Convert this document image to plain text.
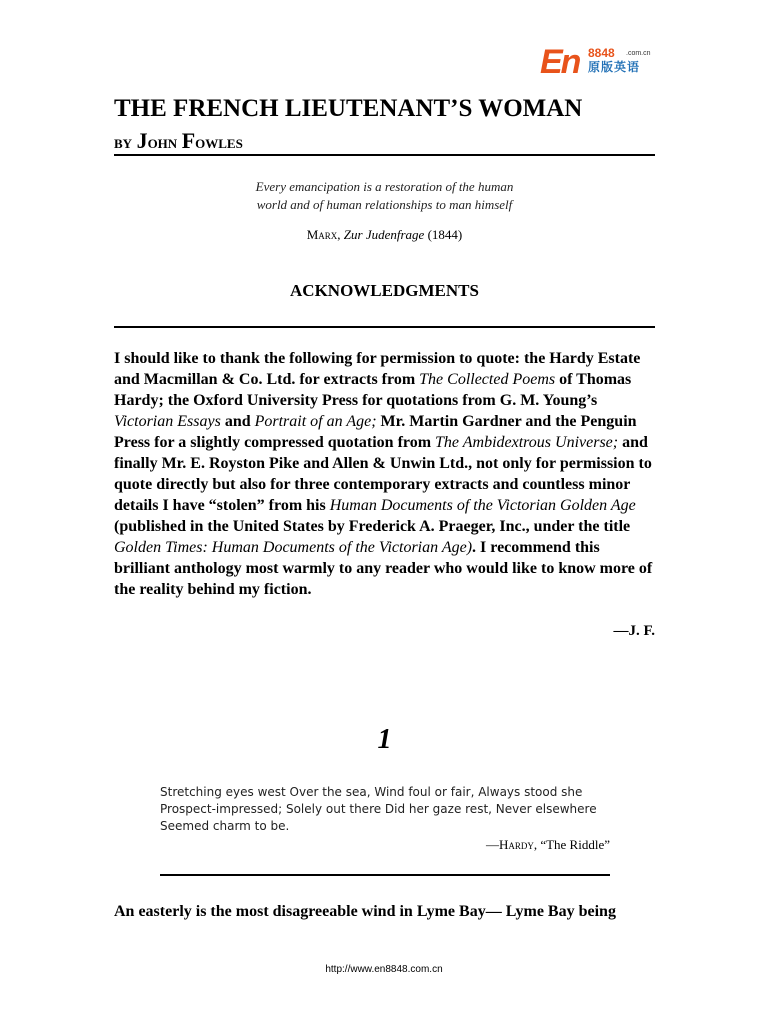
En 8848 .com.cn
原版英语
THE FRENCH LIEUTENANT’S WOMAN
by John Fowles
Every emancipation is a restoration of the human
world and of human relationships to man himself
Marx, Zur Judenfrage (1844)
ACKNOWLEDGMENTS

I should like to thank the following for permission to quote: the Hardy Estate and Macmillan & Co. Ltd. for extracts from The Collected Poems of Thomas Hardy; the Oxford University Press for quotations from G. M. Young’s Victorian Essays and Portrait of an Age; Mr. Martin Gardner and the Penguin Press for a slightly compressed quotation from The Ambidextrous Universe; and finally Mr. E. Royston Pike and Allen & Unwin Ltd., not only for permission to quote directly but also for three contemporary extracts and countless minor details I have “stolen” from his Human Documents of the Victorian Golden Age (published in the United States by Frederick A. Praeger, Inc., under the title Golden Times: Human Documents of the Victorian Age). I recommend this brilliant anthology most warmly to any reader who would like to know more of the reality behind my fiction.

—J. F.
1

Stretching eyes west Over the sea, Wind foul or fair, Always stood she Prospect-impressed; Solely out there Did her gaze rest, Never elsewhere Seemed charm to be.

—Hardy, “The Riddle”

An easterly is the most disagreeable wind in Lyme Bay— Lyme Bay being

http://www.en8848.com.cn
